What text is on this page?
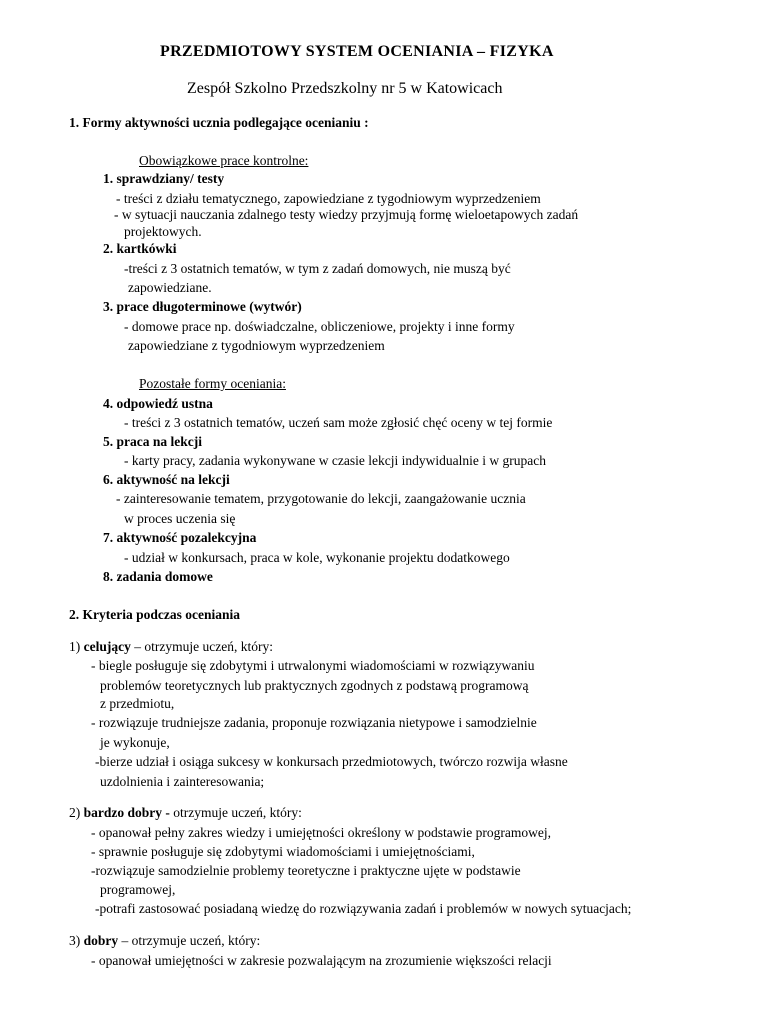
PRZEDMIOTOWY SYSTEM OCENIANIA – FIZYKA
Zespół Szkolno Przedszkolny nr 5 w Katowicach
1. Formy aktywności ucznia podlegające ocenianiu :
Obowiązkowe prace kontrolne:
1. sprawdziany/ testy
- treści z działu tematycznego, zapowiedziane z tygodniowym wyprzedzeniem
- w sytuacji nauczania zdalnego testy wiedzy przyjmują formę wieloetapowych zadań
projektowych.
2. kartkówki
-treści z 3 ostatnich tematów, w tym z zadań domowych, nie muszą być
zapowiedziane.
3. prace długoterminowe (wytwór)
- domowe prace np. doświadczalne, obliczeniowe, projekty i inne formy
zapowiedziane z tygodniowym wyprzedzeniem
Pozostałe formy oceniania:
4. odpowiedź ustna
- treści z 3 ostatnich tematów, uczeń sam może zgłosić chęć oceny w tej formie
5. praca na lekcji
- karty pracy, zadania wykonywane w czasie lekcji indywidualnie i w grupach
6. aktywność na lekcji
- zainteresowanie tematem, przygotowanie do lekcji, zaangażowanie ucznia
w proces uczenia się
7. aktywność pozalekcyjna
- udział w konkursach, praca w kole, wykonanie projektu dodatkowego
8. zadania domowe
2. Kryteria podczas oceniania
1) celujący – otrzymuje uczeń, który:
- biegle posługuje się zdobytymi i utrwalonymi wiadomościami w rozwiązywaniu
problemów teoretycznych lub praktycznych zgodnych z podstawą programową
z przedmiotu,
- rozwiązuje trudniejsze zadania, proponuje rozwiązania nietypowe i samodzielnie
je wykonuje,
-bierze udział i osiąga sukcesy w konkursach przedmiotowych, twórczo rozwija własne
uzdolnienia i zainteresowania;
2) bardzo dobry - otrzymuje uczeń, który:
- opanował pełny zakres wiedzy i umiejętności określony w podstawie programowej,
- sprawnie posługuje się zdobytymi wiadomościami i umiejętnościami,
-rozwiązuje samodzielnie problemy teoretyczne i praktyczne ujęte w podstawie
programowej,
-potrafi zastosować posiadaną wiedzę do rozwiązywania zadań i problemów w nowych sytuacjach;
3) dobry – otrzymuje uczeń, który:
- opanował umiejętności w zakresie pozwalającym na zrozumienie większości relacji
